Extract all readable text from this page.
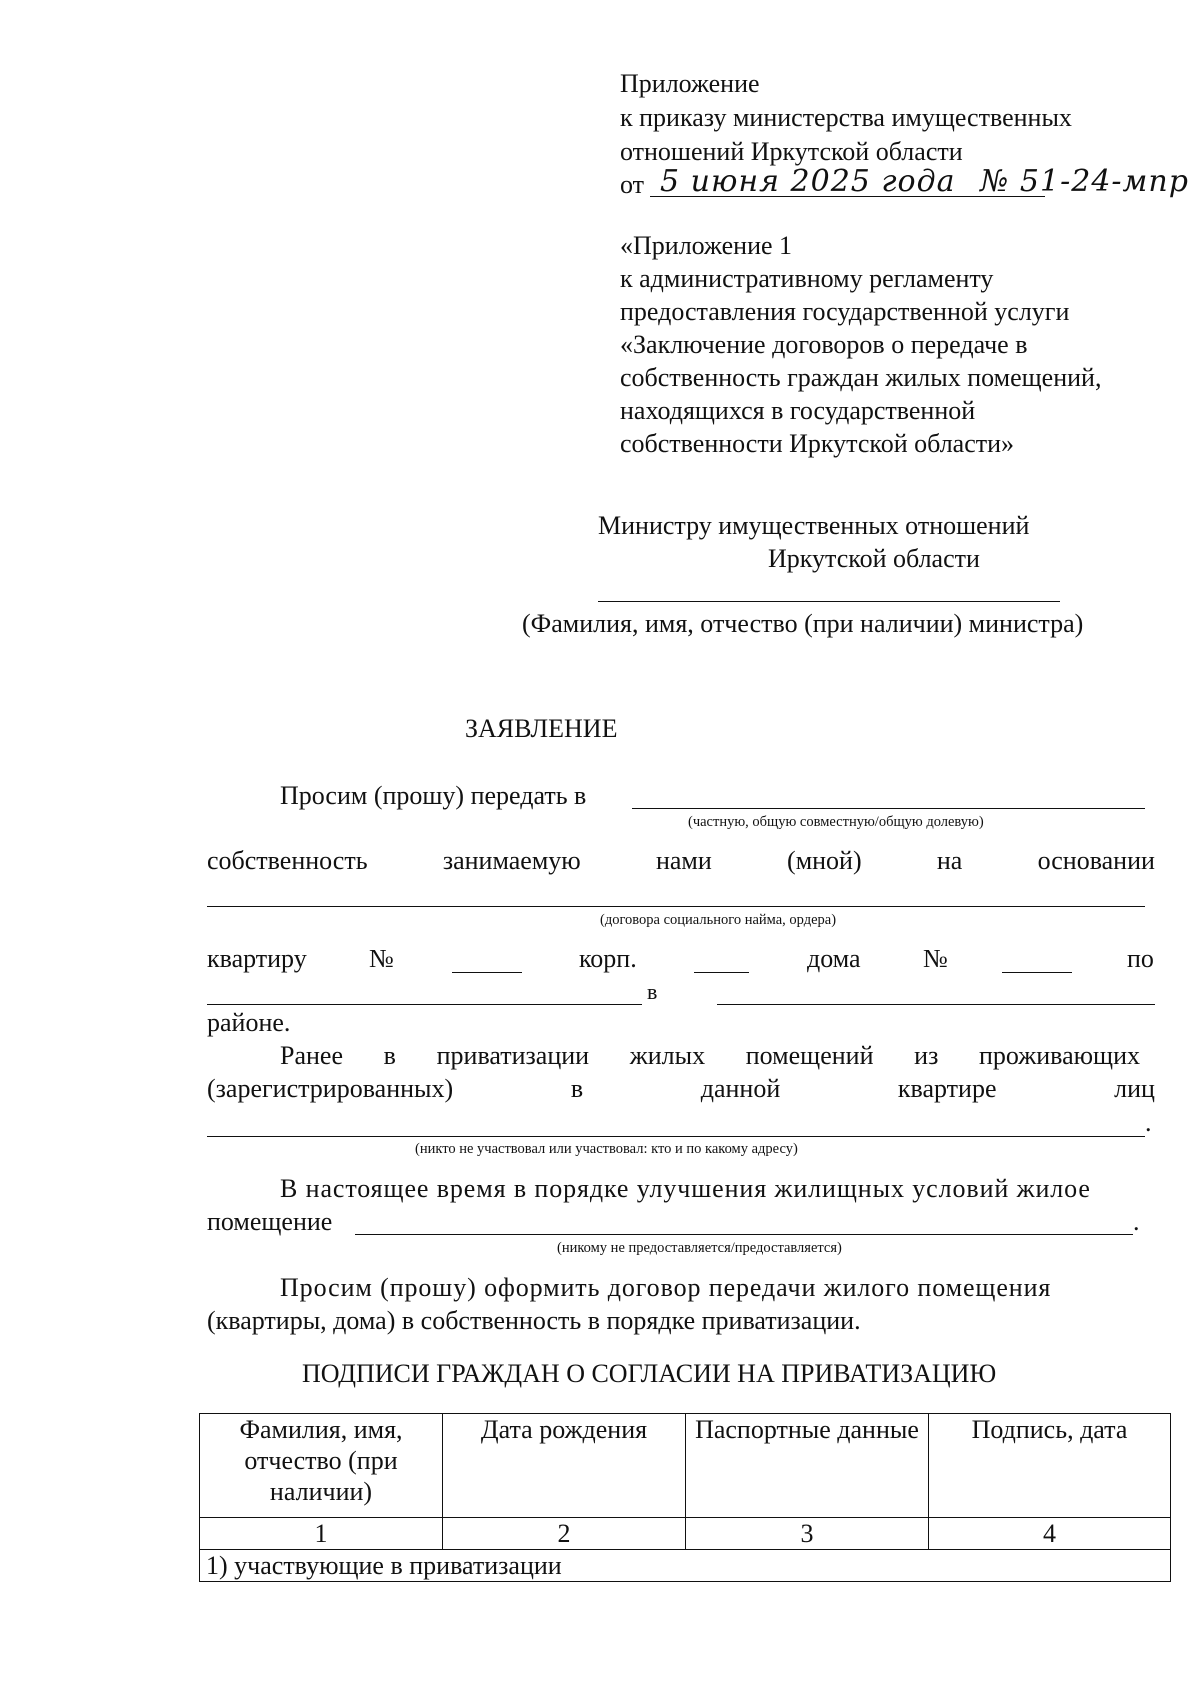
Приложение
к приказу министерства имущественных
отношений Иркутской области
от 5 июня 2025 года № 51-24-мпр
«Приложение 1
к административному регламенту
предоставления государственной услуги
«Заключение договоров о передаче в
собственность граждан жилых помещений,
находящихся в государственной
собственности Иркутской области»
Министру имущественных отношений
Иркутской области
(Фамилия, имя, отчество (при наличии) министра)
ЗАЯВЛЕНИЕ
Просим (прошу) передать в
(частную, общую совместную/общую долевую)
собственность	занимаемую	нами	(мной)	на	основании
(договора социального найма, ордера)
квартиру №	корп.	дома №	по
в
районе.
Ранее в приватизации жилых помещений из проживающих
(зарегистрированных)	в	данной	квартире	лиц
.
(никто не участвовал или участвовал: кто и по какому адресу)
В настоящее время в порядке улучшения жилищных условий жилое
помещение	.
(никому не предоставляется/предоставляется)
Просим (прошу) оформить договор передачи жилого помещения
(квартиры, дома) в собственность в порядке приватизации.
ПОДПИСИ ГРАЖДАН О СОГЛАСИИ НА ПРИВАТИЗАЦИЮ
Фамилия, имя, отчество (при наличии)	Дата рождения	Паспортные данные	Подпись, дата
1	2	3	4
1) участвующие в приватизации			
